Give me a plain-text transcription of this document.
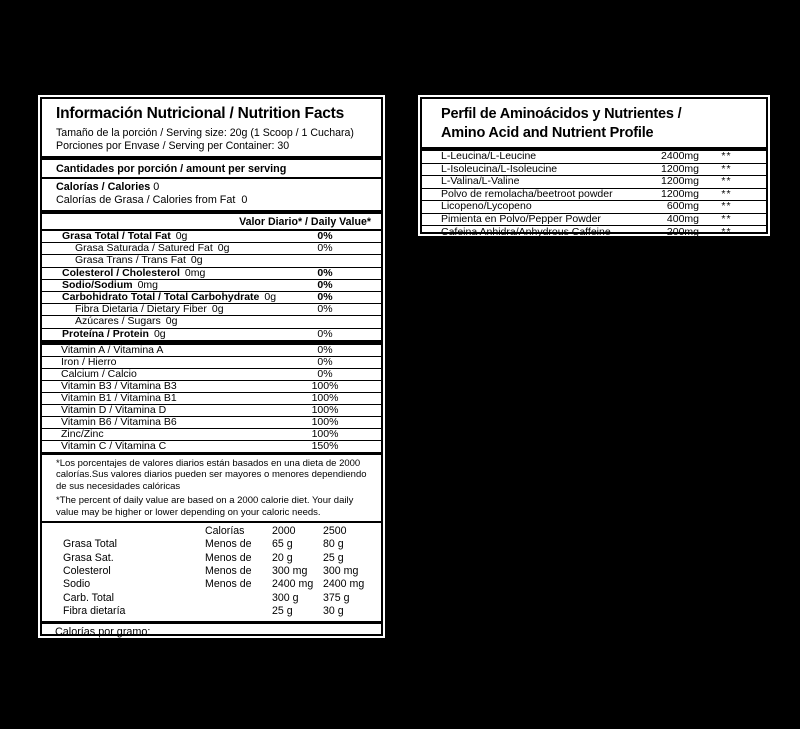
Información Nutricional / Nutrition Facts
Tamaño de la porción / Serving size: 20g (1 Scoop / 1 Cuchara)
Porciones por Envase / Serving per Container: 30
Cantidades por porción / amount per serving
Calorías / Calories 0
Calorías de Grasa / Calories from Fat 0
Valor Diario* / Daily Value*
Grasa Total / Total Fat 0g	0%
Grasa Saturada / Satured Fat 0g	0%
Grasa Trans / Trans Fat 0g
Colesterol / Cholesterol 0mg	0%
Sodio/Sodium 0mg	0%
Carbohidrato Total / Total Carbohydrate 0g	0%
Fibra Dietaria / Dietary Fiber 0g	0%
Azúcares / Sugars 0g
Proteína / Protein 0g	0%
Vitamin A / Vitamina A	0%
Iron / Hierro	0%
Calcium / Calcio	0%
Vitamin B3 / Vitamina B3	100%
Vitamin B1 / Vitamina B1	100%
Vitamin D / Vitamina D	100%
Vitamin B6 / Vitamina B6	100%
Zinc/Zinc	100%
Vitamin C / Vitamina C	150%
*Los porcentajes de valores diarios están basados en una dieta de 2000 calorías.Sus valores diarios pueden ser mayores o menores dependiendo de sus necesidades calóricas
*The percent of daily value are based on a 2000 calorie diet. Your daily value may be higher or lower depending on your caloric needs.
Calorías	2000	2500
Grasa Total	Menos de	65 g	80 g
Grasa Sat.	Menos de	20 g	25 g
Colesterol	Menos de	300 mg	300 mg
Sodio	Menos de	2400 mg 2400 mg
Carb. Total	300 g	375 g
Fibra dietaría	25 g	30 g
Calorías por gramo:
Grasa 9	Carbohidratos 4	Proteína	4
Perfil de Aminoácidos y Nutrientes /
Amino Acid and Nutrient Profile
L-Leucina/L-Leucine	2400mg	**
L-Isoleucina/L-Isoleucine	1200mg	**
L-Valina/L-Valine	1200mg	**
Polvo de remolacha/beetroot powder	1200mg	**
Licopeno/Lycopeno	600mg	**
Pimienta en Polvo/Pepper Powder	400mg	**
Cafeina Anhidra/Anhydrous Caffeine	200mg	**
